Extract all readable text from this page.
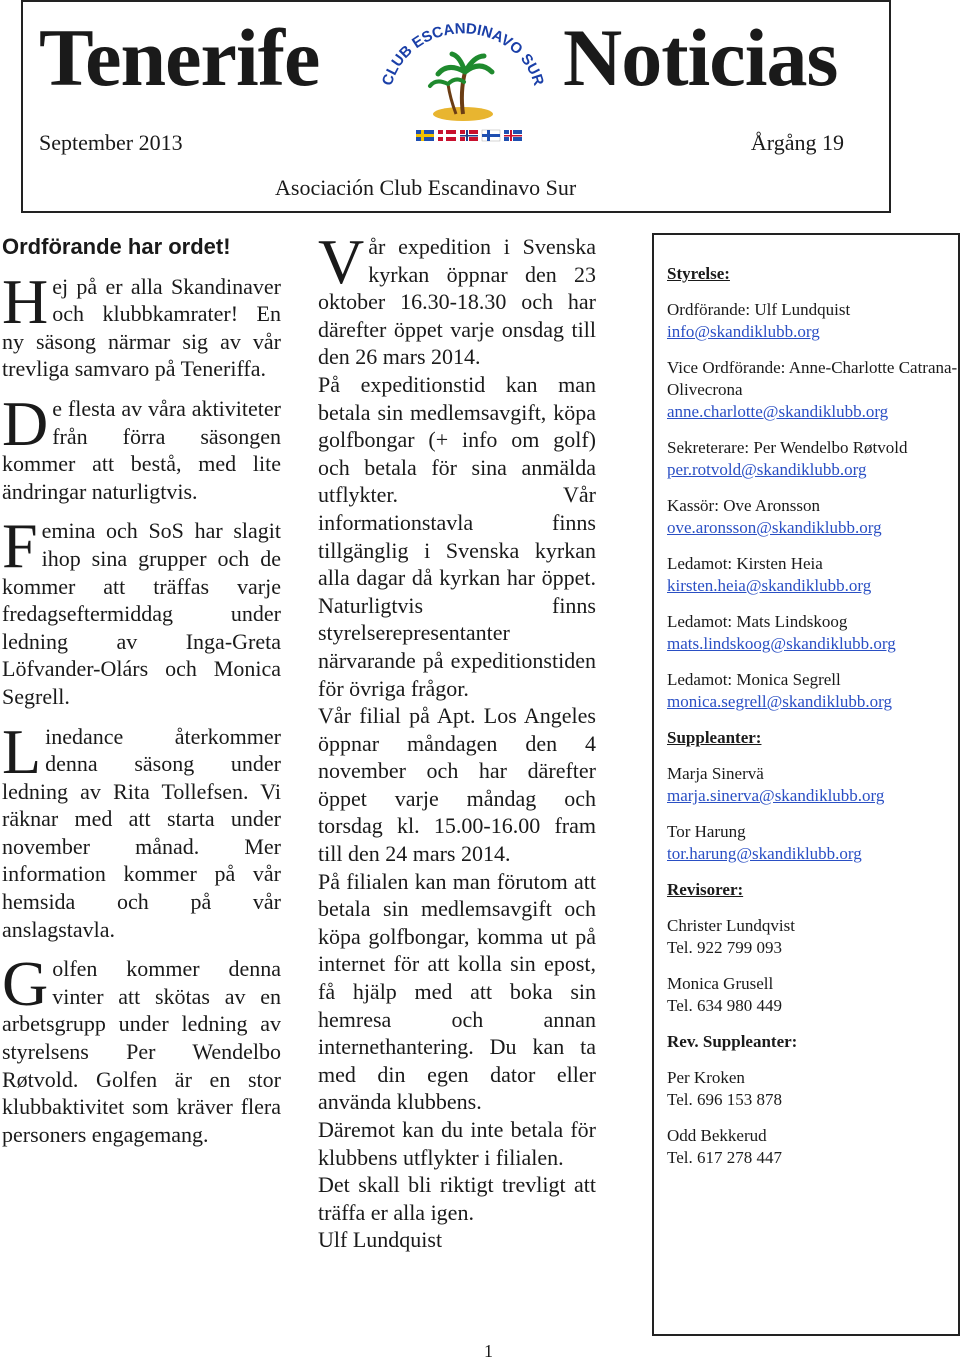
Tenerife	Noticias
September 2013	Årgång 19
Asociación Club Escandinavo Sur
CLUB ESCANDINAVO SUR
Ordförande har ordet!

Hej på er alla Skandinaver och klubbkamrater! En ny säsong närmar sig av vår trevliga samvaro på Teneriffa.

De flesta av våra aktiviteter från förra säsongen kommer att bestå, med lite ändringar naturligtvis.

Femina och SoS har slagit ihop sina grupper och de kommer att träffas varje fredagseftermiddag under ledning av Inga-Greta Löfvander-Olárs och Monica Segrell.

Linedance återkommer denna säsong under ledning av Rita Tollefsen. Vi räknar med att starta under november månad. Mer information kommer på vår hemsida och på vår anslagstavla.

Golfen kommer denna vinter att skötas av en arbetsgrupp under ledning av styrelsens Per Wendelbo Røtvold. Golfen är en stor klubbaktivitet som kräver flera personers engagemang.

Vår expedition i Svenska kyrkan öppnar den 23 oktober 16.30-18.30 och har därefter öppet varje onsdag till den 26 mars 2014.

På expeditionstid kan man betala sin medlemsavgift, köpa golfbongar (+ info om golf) och betala för sina anmälda utflykter. Vår informationstavla finns tillgänglig i Svenska kyrkan alla dagar då kyrkan har öppet. Naturligtvis finns styrelserepresentanter närvarande på expeditionstiden för övriga frågor.

Vår filial på Apt. Los Angeles öppnar måndagen den 4 november och har därefter öppet varje måndag och torsdag kl. 15.00-16.00 fram till den 24 mars 2014.

På filialen kan man förutom att betala sin medlemsavgift och köpa golfbongar, komma ut på internet för att kolla sin epost, få hjälp med att boka sin hemresa och annan internethantering. Du kan ta med din egen dator eller använda klubbens.

Däremot kan du inte betala för klubbens utflykter i filialen.

Det skall bli riktigt trevligt att träffa er alla igen.

Ulf Lundquist

Styrelse:
Ordförande: Ulf Lundquist
info@skandiklubb.org
Vice Ordförande: Anne-Charlotte Catrana-Olivecrona
anne.charlotte@skandiklubb.org
Sekreterare: Per Wendelbo Røtvold
per.rotvold@skandiklubb.org
Kassör: Ove Aronsson
ove.aronsson@skandiklubb.org
Ledamot: Kirsten Heia
kirsten.heia@skandiklubb.org
Ledamot: Mats Lindskoog
mats.lindskoog@skandiklubb.org
Ledamot: Monica Segrell
monica.segrell@skandiklubb.org
Suppleanter:
Marja Sinervä
marja.sinerva@skandiklubb.org
Tor Harung
tor.harung@skandiklubb.org
Revisorer:
Christer Lundqvist
Tel. 922 799 093
Monica Grusell
Tel. 634 980 449
Rev. Suppleanter:
Per Kroken
Tel. 696 153 878
Odd Bekkerud
Tel. 617 278 447
1
